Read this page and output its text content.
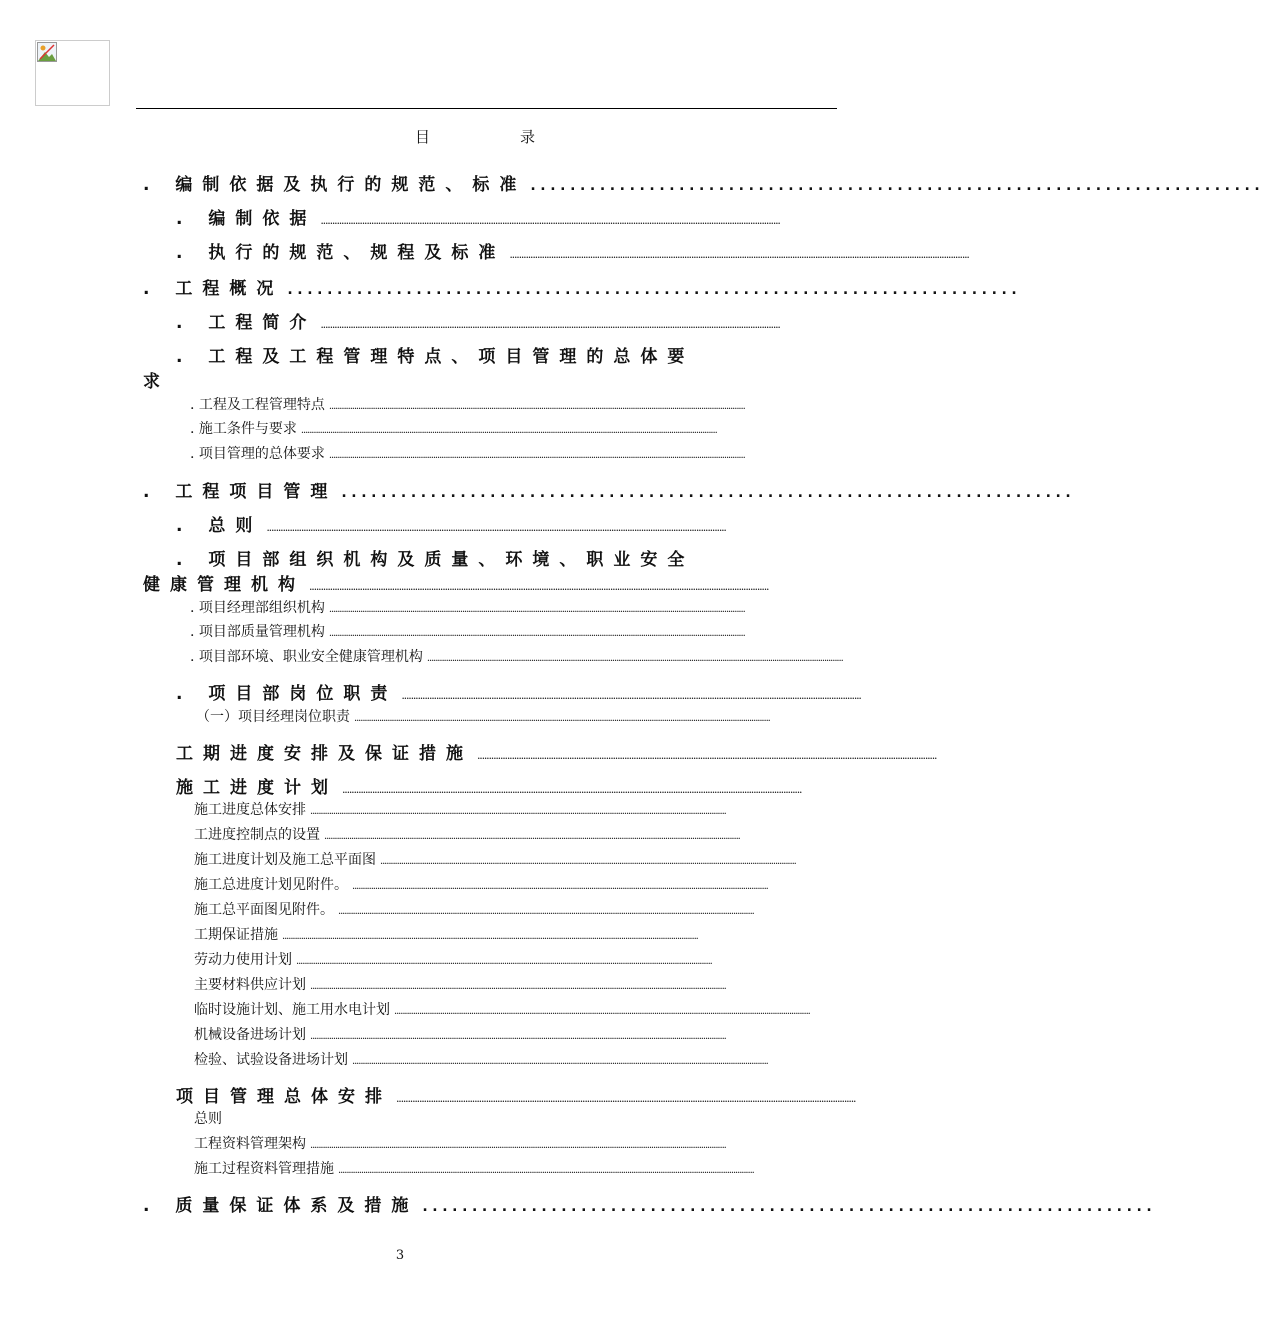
目	录
. 编制依据及执行的规范、标准 ..........................................................................
. 编制依据 ........................................................................................................................................................................................................
. 执行的规范、规程及标准 ........................................................................................................................................................................................................
. 工程概况 ..........................................................................
. 工程简介 ........................................................................................................................................................................................................
. 工程及工程管理特点、项目管理的总体要
求
. 工程及工程管理特点 ........................................................................................................................................................................................................
. 施工条件与要求 ........................................................................................................................................................................................................
. 项目管理的总体要求 ........................................................................................................................................................................................................
. 工程项目管理 ..........................................................................
. 总则 ........................................................................................................................................................................................................
. 项目部组织机构及质量、环境、职业安全
健康管理机构 ........................................................................................................................................................................................................
. 项目经理部组织机构 ........................................................................................................................................................................................................
. 项目部质量管理机构 ........................................................................................................................................................................................................
. 项目部环境、职业安全健康管理机构 ........................................................................................................................................................................................................
. 项目部岗位职责 ........................................................................................................................................................................................................
（一）项目经理岗位职责 ........................................................................................................................................................................................................
工期进度安排及保证措施 ........................................................................................................................................................................................................
施工进度计划 ........................................................................................................................................................................................................
施工进度总体安排 ........................................................................................................................................................................................................
工进度控制点的设置 ........................................................................................................................................................................................................
施工进度计划及施工总平面图 ........................................................................................................................................................................................................
施工总进度计划见附件。 ........................................................................................................................................................................................................
施工总平面图见附件。 ........................................................................................................................................................................................................
工期保证措施 ........................................................................................................................................................................................................
劳动力使用计划 ........................................................................................................................................................................................................
主要材料供应计划 ........................................................................................................................................................................................................
临时设施计划、施工用水电计划 ........................................................................................................................................................................................................
机械设备进场计划 ........................................................................................................................................................................................................
检验、试验设备进场计划 ........................................................................................................................................................................................................
项目管理总体安排 ........................................................................................................................................................................................................
总则
工程资料管理架构 ........................................................................................................................................................................................................
施工过程资料管理措施 ........................................................................................................................................................................................................
. 质量保证体系及措施 ..........................................................................
3
